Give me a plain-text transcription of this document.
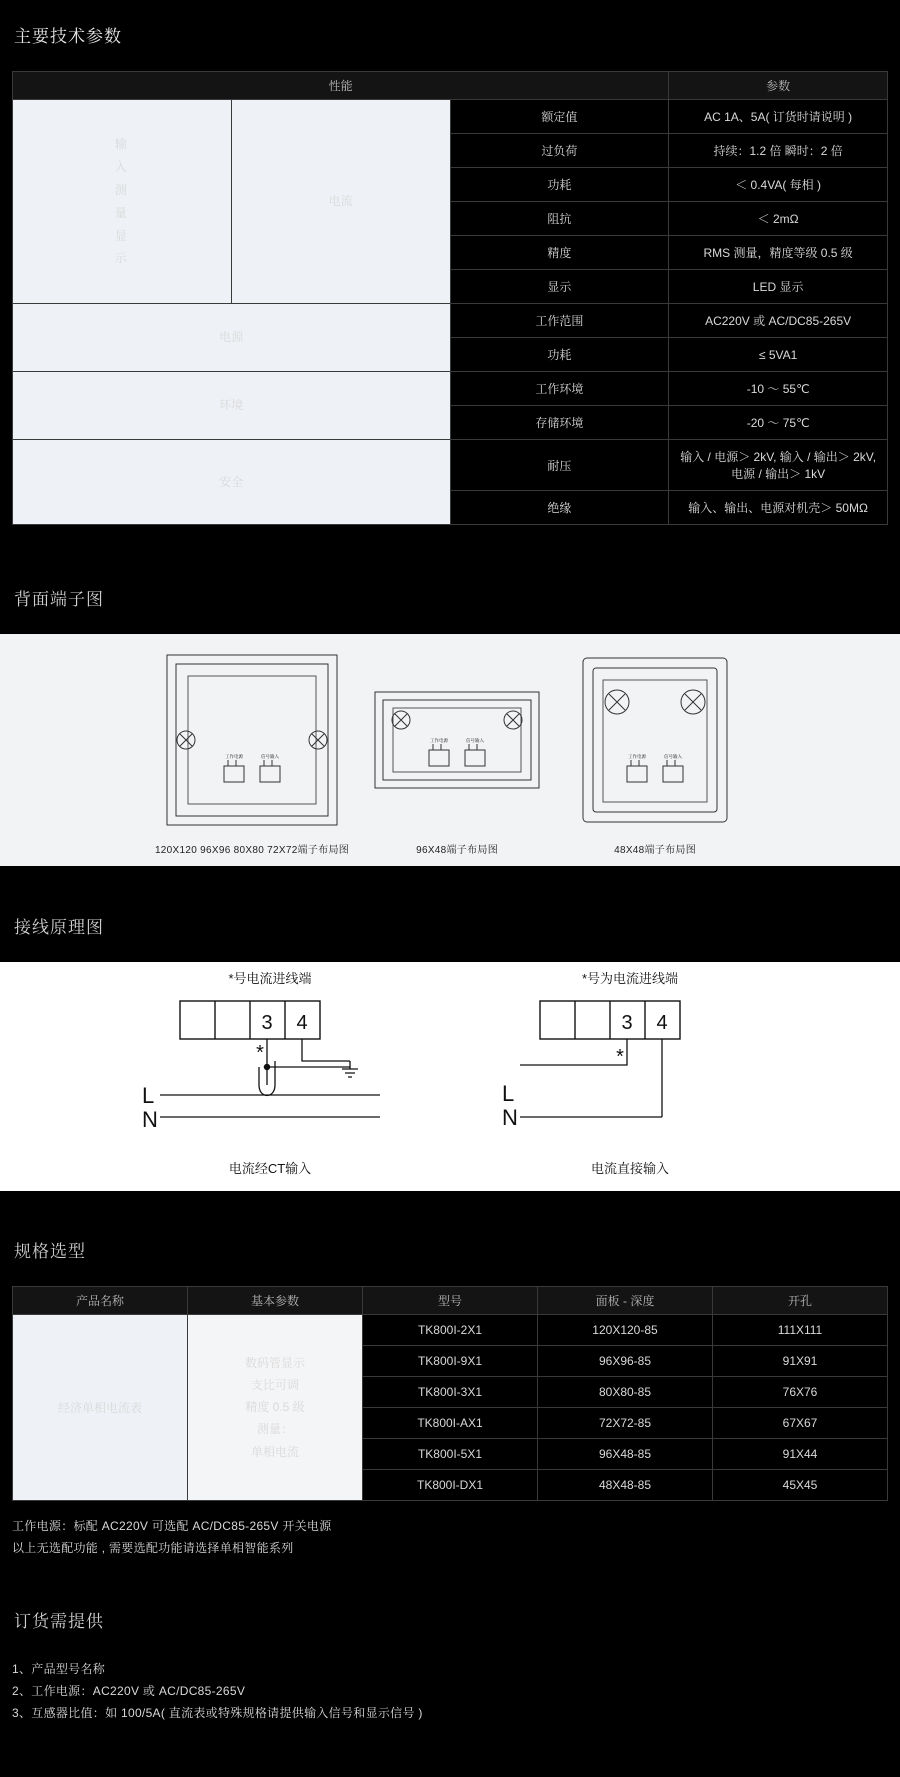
主要技术参数
性能			参数
输
入
测
量
显
示	电流	额定值	AC 1A、5A( 订货时请说明 )
		过负荷	持续：1.2 倍 瞬时：2 倍
		功耗	＜ 0.4VA( 每相 )
		阻抗	＜ 2mΩ
		精度	RMS 测量，精度等级 0.5 级
		显示	LED 显示
电源		工作范围	AC220V 或 AC/DC85-265V
		功耗	≤ 5VA1
环境		工作环境	-10 ～ 55℃
		存储环境	-20 ～ 75℃
安全		耐压	输入 / 电源＞ 2kV, 输入 / 输出＞ 2kV, 电源 / 输出＞ 1kV
		绝缘	输入、输出、电源对机壳＞ 50MΩ
背面端子图
工作电源	信号输入
120X120 96X96 80X80 72X72端子布局图
工作电源	信号输入
96X48端子布局图
工作电源	信号输入
48X48端子布局图
接线原理图
*号电流进线端
3 4
*
L
N
电流经CT输入
*号为电流进线端
3 4
*
L
N
电流直接输入
规格选型
产品名称	基本参数	型号	面板 - 深度	开孔
经济单相电流表	数码管显示
支比可调
精度 0.5 级
测量：
单相电流	TK800I-2X1	120X120-85	111X111
		TK800I-9X1	96X96-85	91X91
		TK800I-3X1	80X80-85	76X76
		TK800I-AX1	72X72-85	67X67
		TK800I-5X1	96X48-85	91X44
		TK800I-DX1	48X48-85	45X45
工作电源：标配 AC220V 可选配 AC/DC85-265V 开关电源
以上无选配功能 , 需要选配功能请选择单相智能系列
订货需提供
1、产品型号名称
2、工作电源：AC220V 或 AC/DC85-265V
3、互感器比值：如 100/5A( 直流表或特殊规格请提供输入信号和显示信号 )
